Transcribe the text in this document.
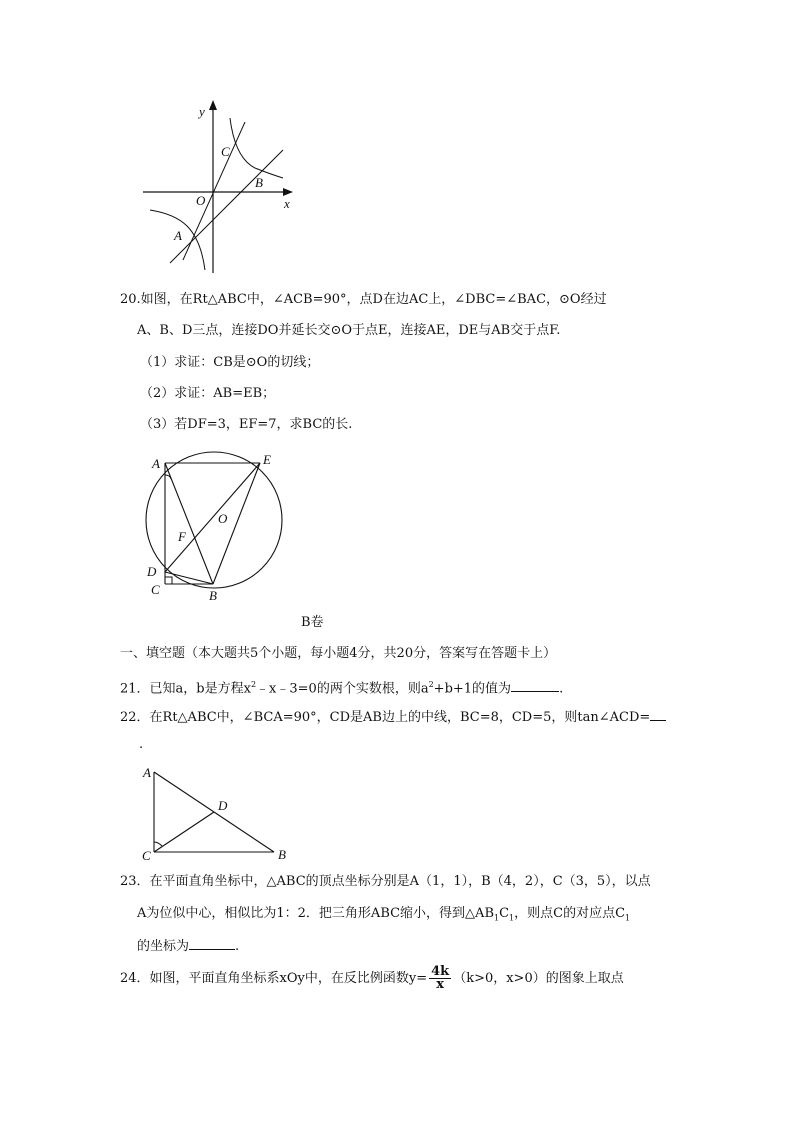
y
x
O
C
B
A
20.如图，在Rt△ABC中，∠ACB=90°，点D在边AC上，∠DBC=∠BAC，⊙O经过
A、B、D三点，连接DO并延长交⊙O于点E，连接AE，DE与AB交于点F.
（1）求证：CB是⊙O的切线；
（2）求证：AB=EB；
（3）若DF=3，EF=7，求BC的长.
A	E
O
F
D
C	B
B卷
一、填空题（本大题共5个小题，每小题4分，共20分，答案写在答题卡上）
21．已知a，b是方程$x^2﹣x﹣3=0$的两个实数根，则$a^2+b+1$的值为	.
22．在Rt△ABC中，∠BCA=90°，CD是AB边上的中线，BC=8，CD=5，则tan∠ACD=
.
A
D
C	B
23．在平面直角坐标中，△ABC的顶点坐标分别是A（1，1），B（4，2），C（3，5），以点
A为位似中心，相似比为1：2．把三角形ABC缩小，得到$\triangle AB_1C_1$，则点C的对应点$C_1$
的坐标为	.
24．如图，平面直角坐标系xOy中，在反比例函数$y= \frac{4k}{x} (k>0$，x>0）的图象上取点
